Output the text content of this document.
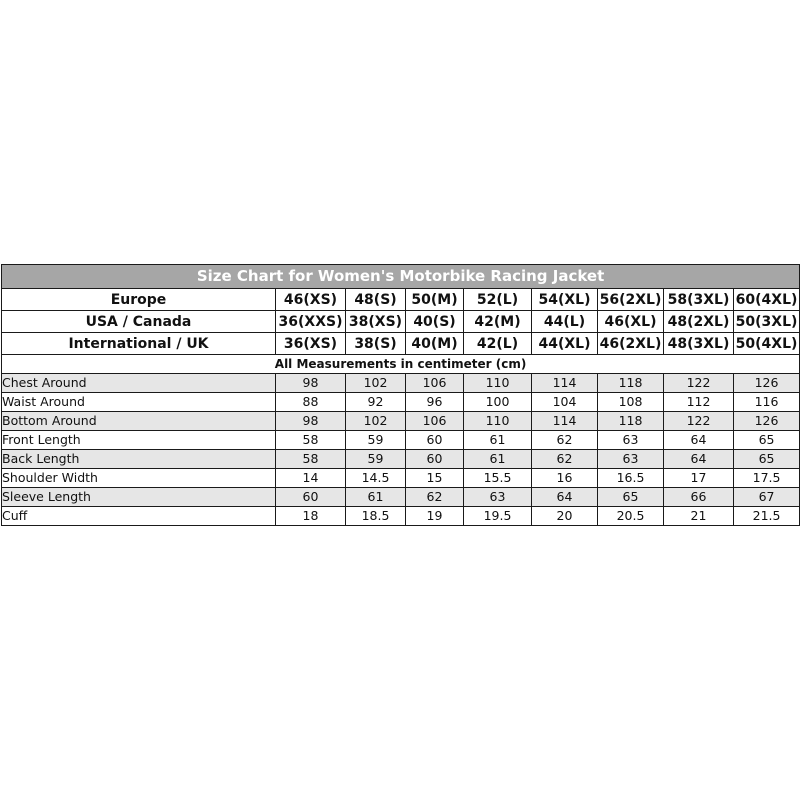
Size Chart for Women's Motorbike Racing Jacket								
Europe	46(XS)	48(S)	50(M)	52(L)	54(XL)	56(2XL)	58(3XL)	60(4XL)
USA / Canada	36(XXS)	38(XS)	40(S)	42(M)	44(L)	46(XL)	48(2XL)	50(3XL)
International / UK	36(XS)	38(S)	40(M)	42(L)	44(XL)	46(2XL)	48(3XL)	50(4XL)
All Measurements in centimeter (cm)								
Chest Around	98	102	106	110	114	118	122	126
Waist Around	88	92	96	100	104	108	112	116
Bottom Around	98	102	106	110	114	118	122	126
Front Length	58	59	60	61	62	63	64	65
Back Length	58	59	60	61	62	63	64	65
Shoulder Width	14	14.5	15	15.5	16	16.5	17	17.5
Sleeve Length	60	61	62	63	64	65	66	67
Cuff	18	18.5	19	19.5	20	20.5	21	21.5
